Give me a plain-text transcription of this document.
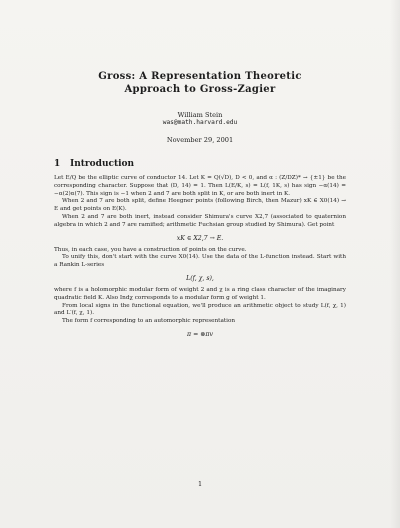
Gross: A Representation Theoretic
Approach to Gross-Zagier
William Stein
was@math.harvard.edu
November 29, 2001
1 Introduction

Let E/Q be the elliptic curve of conductor 14. Let K = Q(√D), D < 0, and α : (Z/DZ)* → {±1} be the corresponding character. Suppose that (D, 14) = 1. Then L(E/K, s) = L(f, 1K, s) has sign −α(14) = −α(2)α(7). This sign is −1 when 2 and 7 are both split in K, or are both inert in K.

When 2 and 7 are both split, define Heegner points (following Birch, then Mazur) xK ∈ X0(14) → E and get points on E(K).

When 2 and 7 are both inert, instead consider Shimura's curve X2,7 (associated to quaternion algebra in which 2 and 7 are ramified; arithmetic Fuchsian group studied by Shimura). Get point

xK ∈ X2,7 → E.

Thus, in each case, you have a construction of points on the curve.

To unify this, don't start with the curve X0(14). Use the data of the L-function instead. Start with a Rankin L-series

L(f, χ, s),

where f is a holomorphic modular form of weight 2 and χ is a ring class character of the imaginary quadratic field K. Also Indχ corresponds to a modular form g of weight 1.

From local signs in the functional equation, we'll produce an arithmetic object to study L(f, χ, 1) and L′(f, χ, 1).

The form f corresponding to an automorphic representation

π = ⊗πv
1
